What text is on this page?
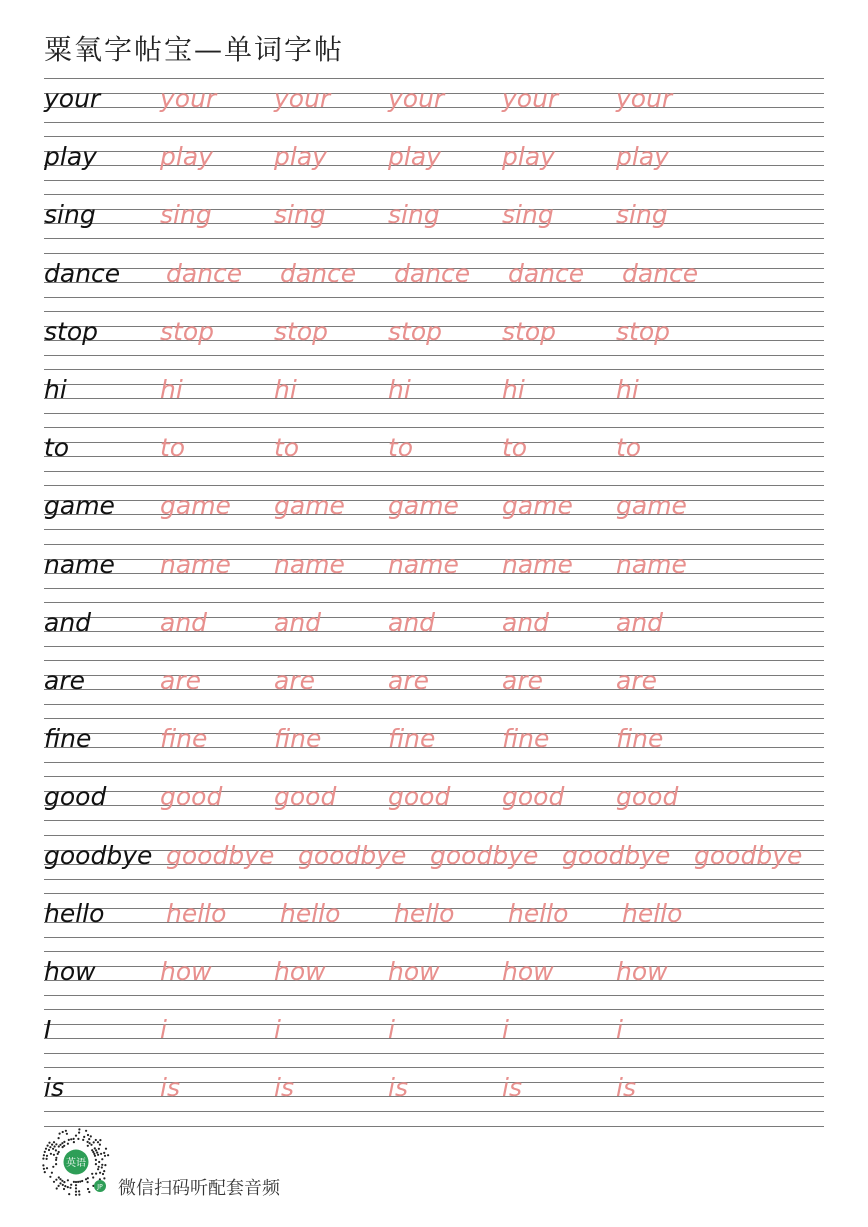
粟氧字帖宝—单词字帖
your your your your your your
play	play play play play play
sing	sing sing sing sing sing
dance dance dance dance dance dance
stop stop stop stop stop stop
hi	hi	hi	hi	hi	hi
to	to	to	to	to	to
game game game game game game
name name name name name name
and	and	and	and	and	and
are	are	are	are	are	are
fine	fine	fine	fine	fine	fine
good good good good good good
goodbye goodbye goodbye goodbye goodbye goodbye
hello hello hello hello hello hello
how	how how how how how
I	i	i	i	i	i
is	is	is	is	is	is
英语
JP 微信扫码听配套音频
